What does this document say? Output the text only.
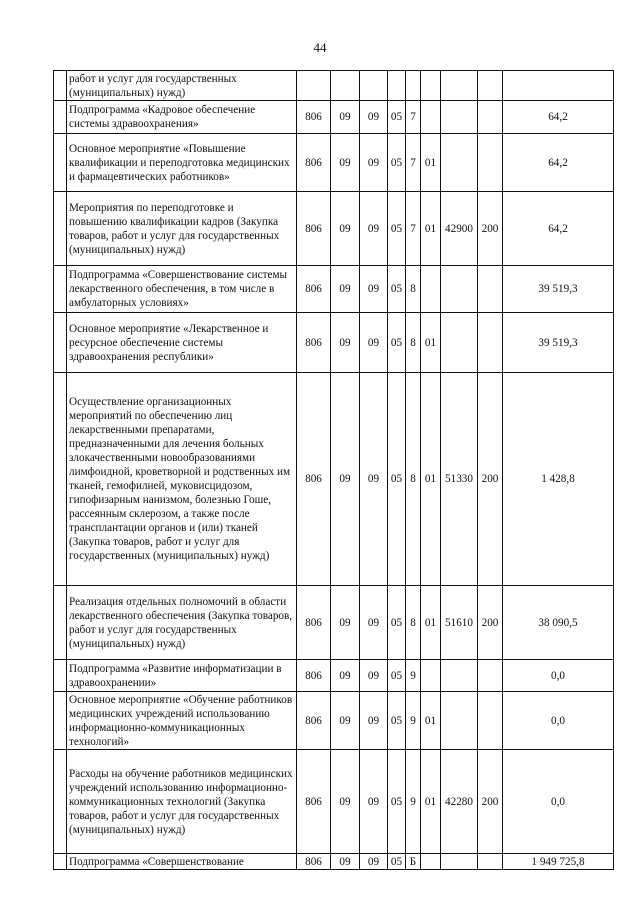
44
	работ и услуг для государственных (муниципальных) нужд)									
	Подпрограмма «Кадровое обеспечение системы здравоохранения»	806	09	09	05	7				64,2
	Основное мероприятие «Повышение квалификации и переподготовка медицинских и фармацевтических работников»	806	09	09	05	7	01			64,2
	Мероприятия по переподготовке и повышению квалификации кадров (Закупка товаров, работ и услуг для государственных (муниципальных) нужд)	806	09	09	05	7	01	42900	200	64,2
	Подпрограмма «Совершенствование системы лекарственного обеспечения, в том числе в амбулаторных условиях»	806	09	09	05	8				39 519,3
	Основное мероприятие «Лекарственное и ресурсное обеспечение системы здравоохранения республики»	806	09	09	05	8	01			39 519,3
	Осуществление организационных мероприятий по обеспечению лиц лекарственными препаратами, предназначенными для лечения больных злокачественными новообразованиями лимфоидной, кроветворной и родственных им тканей, гемофилией, муковисцидозом, гипофизарным нанизмом, болезнью Гоше, рассеянным склерозом, а также после трансплантации органов и (или) тканей (Закупка товаров, работ и услуг для государственных (муниципальных) нужд)	806	09	09	05	8	01	51330	200	1 428,8
	Реализация отдельных полномочий в области лекарственного обеспечения (Закупка товаров, работ и услуг для государственных (муниципальных) нужд)	806	09	09	05	8	01	51610	200	38 090,5
	Подпрограмма «Развитие информатизации в здравоохранении»	806	09	09	05	9				0,0
	Основное мероприятие «Обучение работников медицинских учреждений использованию информационно-коммуникационных технологий»	806	09	09	05	9	01			0,0
	Расходы на обучение работников медицинских учреждений использованию информационно-коммуникационных технологий (Закупка товаров, работ и услуг для государственных (муниципальных) нужд)	806	09	09	05	9	01	42280	200	0,0
	Подпрограмма «Совершенствование	806	09	09	05	Б				1 949 725,8
